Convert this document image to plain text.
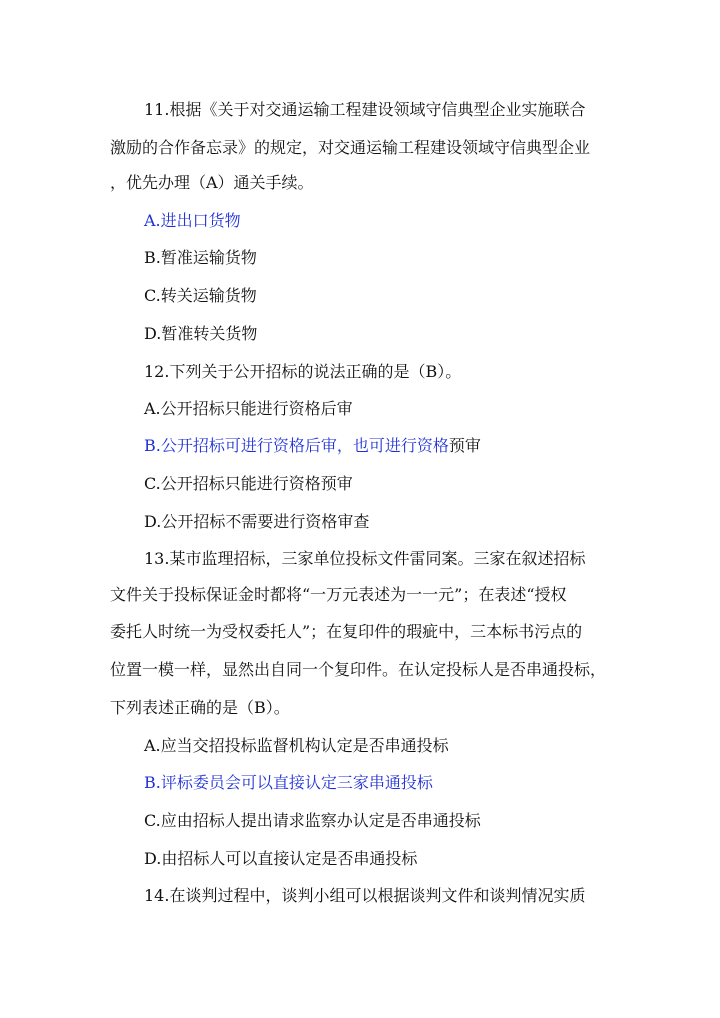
11.根据《关于对交通运输工程建设领域守信典型企业实施联合
激励的合作备忘录》的规定，对交通运输工程建设领域守信典型企业
，优先办理（A）通关手续。
A.进出口货物
B.暂准运输货物
C.转关运输货物
D.暂准转关货物
12.下列关于公开招标的说法正确的是（B）。
A.公开招标只能进行资格后审
B.公开招标可进行资格后审，也可进行资格预审
C.公开招标只能进行资格预审
D.公开招标不需要进行资格审查
13.某市监理招标，三家单位投标文件雷同案。三家在叙述招标
文件关于投标保证金时都将“一万元表述为一一元”；在表述“授权
委托人时统一为受权委托人”；在复印件的瑕疵中，三本标书污点的
位置一模一样，显然出自同一个复印件。在认定投标人是否串通投标，
下列表述正确的是（B）。
A.应当交招投标监督机构认定是否串通投标
B.评标委员会可以直接认定三家串通投标
C.应由招标人提出请求监察办认定是否串通投标
D.由招标人可以直接认定是否串通投标
14.在谈判过程中，谈判小组可以根据谈判文件和谈判情况实质
